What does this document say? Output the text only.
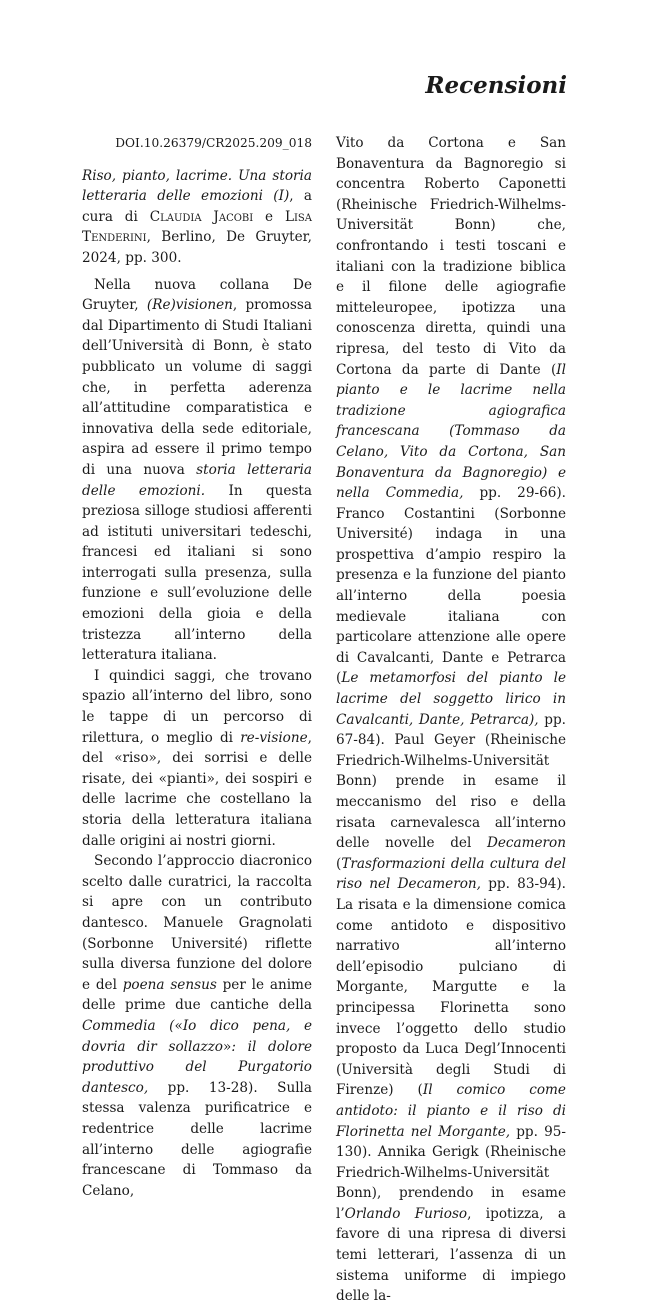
Recensioni

DOI.10.26379/CR2025.209_018

Riso, pianto, lacrime. Una storia letteraria delle emozioni (I), a cura di Claudia Jacobi e Lisa Tenderini, Berlino, De Gruyter, 2024, pp. 300.

Nella nuova collana De Gruyter, (Re)visionen, promossa dal Dipartimento di Studi Italiani dell’Università di Bonn, è stato pubblicato un volume di saggi che, in perfetta aderenza all’attitudine comparatistica e innovativa della sede editoriale, aspira ad essere il primo tempo di una nuova storia letteraria delle emozioni. In questa preziosa silloge studiosi afferenti ad istituti universitari tedeschi, francesi ed italiani si sono interrogati sulla presenza, sulla funzione e sull’evoluzione delle emozioni della gioia e della tristezza all’interno della letteratura italiana.

I quindici saggi, che trovano spazio all’interno del libro, sono le tappe di un percorso di rilettura, o meglio di re-visione, del «riso», dei sorrisi e delle risate, dei «pianti», dei sospiri e delle lacrime che costellano la storia della letteratura italiana dalle origini ai nostri giorni.

Secondo l’approccio diacronico scelto dalle curatrici, la raccolta si apre con un contributo dantesco. Manuele Gragnolati (Sorbonne Université) riflette sulla diversa funzione del dolore e del poena sensus per le anime delle prime due cantiche della Commedia («Io dico pena, e dovria dir sollazzo»: il dolore produttivo del Purgatorio dantesco, pp. 13-28). Sulla stessa valenza purificatrice e redentrice delle lacrime all’interno delle agiografie francescane di Tommaso da Celano,

Vito da Cortona e San Bonaventura da Bagnoregio si concentra Roberto Caponetti (Rheinische Friedrich-Wilhelms-Universität Bonn) che, confrontando i testi toscani e italiani con la tradizione biblica e il filone delle agiografie mitteleuropee, ipotizza una conoscenza diretta, quindi una ripresa, del testo di Vito da Cortona da parte di Dante (Il pianto e le lacrime nella tradizione agiografica francescana (Tommaso da Celano, Vito da Cortona, San Bonaventura da Bagnoregio) e nella Commedia, pp. 29-66). Franco Costantini (Sorbonne Université) indaga in una prospettiva d’ampio respiro la presenza e la funzione del pianto all’interno della poesia medievale italiana con particolare attenzione alle opere di Cavalcanti, Dante e Petrarca (Le metamorfosi del pianto le lacrime del soggetto lirico in Cavalcanti, Dante, Petrarca), pp. 67-84). Paul Geyer (Rheinische Friedrich-Wilhelms-Universität Bonn) prende in esame il meccanismo del riso e della risata carnevalesca all’interno delle novelle del Decameron (Trasformazioni della cultura del riso nel Decameron, pp. 83-94). La risata e la dimensione comica come antidoto e dispositivo narrativo all’interno dell’episodio pulciano di Morgante, Margutte e la principessa Florinetta sono invece l’oggetto dello studio proposto da Luca Degl’Innocenti (Università degli Studi di Firenze) (Il comico come antidoto: il pianto e il riso di Florinetta nel Morgante, pp. 95-130). Annika Gerigk (Rheinische Friedrich-Wilhelms-Universität Bonn), prendendo in esame l’Orlando Furioso, ipotizza, a favore di una ripresa di diversi temi letterari, l’assenza di un sistema uniforme di impiego delle la-
